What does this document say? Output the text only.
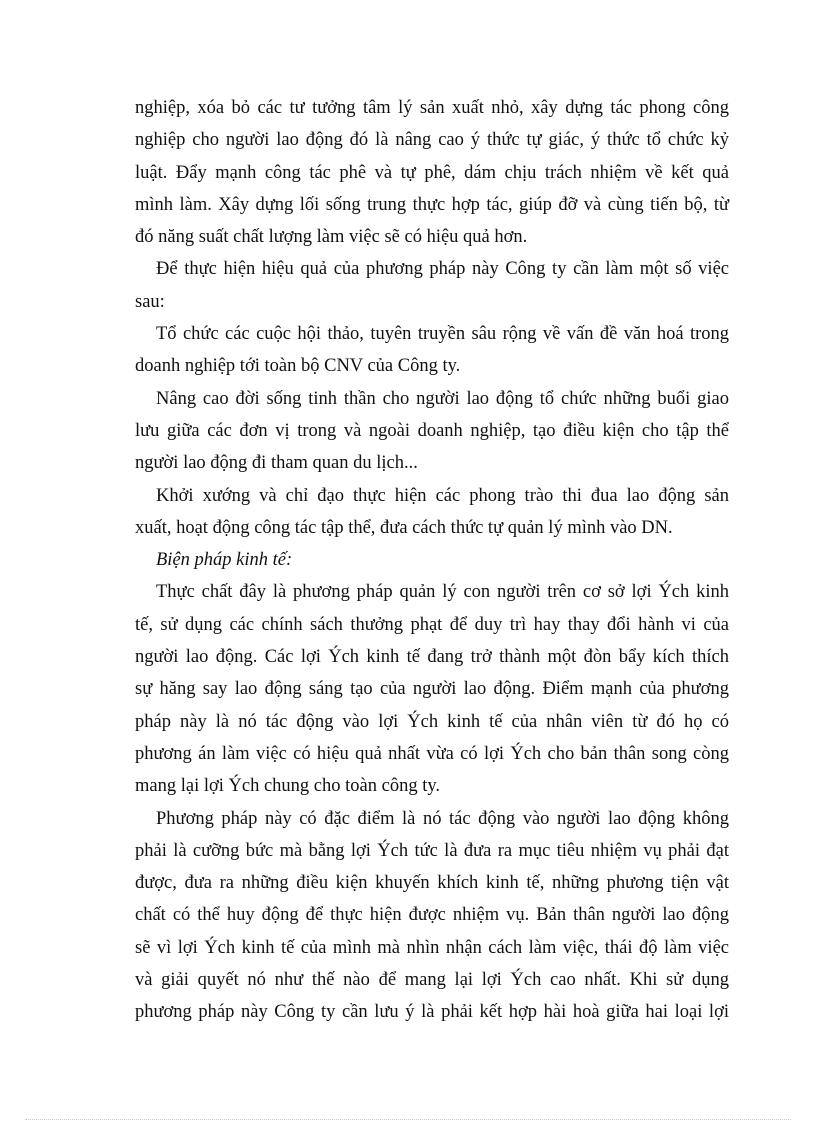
nghiệp, xóa bỏ các tư tưởng tâm lý sản xuất nhỏ, xây dựng tác phong công
nghiệp cho người lao động đó là nâng cao ý thức tự giác, ý thức tổ chức kỷ
luật. Đẩy mạnh công tác phê và tự phê, dám chịu trách nhiệm về kết quả
mình làm. Xây dựng lối sống trung thực hợp tác, giúp đỡ và cùng tiến bộ, từ
đó năng suất chất lượng làm việc sẽ có hiệu quả hơn.
Để thực hiện hiệu quả của phương pháp này Công ty cần làm một số việc
sau:
Tổ chức các cuộc hội thảo, tuyên truyền sâu rộng về vấn đề văn hoá trong
doanh nghiệp tới toàn bộ CNV của Công ty.
Nâng cao đời sống tinh thần cho người lao động tổ chức những buổi giao
lưu giữa các đơn vị trong và ngoài doanh nghiệp, tạo điều kiện cho tập thể
người lao động đi tham quan du lịch...
Khởi xướng và chỉ đạo thực hiện các phong trào thi đua lao động sản
xuất, hoạt động công tác tập thể, đưa cách thức tự quản lý mình vào DN.
Biện pháp kinh tế:
Thực chất đây là phương pháp quản lý con người trên cơ sở lợi Ých kinh
tế, sử dụng các chính sách thưởng phạt để duy trì hay thay đổi hành vi của
người lao động. Các lợi Ých kinh tế đang trở thành một đòn bẩy kích thích
sự hăng say lao động sáng tạo của người lao động. Điểm mạnh của phương
pháp này là nó tác động vào lợi Ých kinh tế của nhân viên từ đó họ có
phương án làm việc có hiệu quả nhất vừa có lợi Ých cho bản thân song còng
mang lại lợi Ých chung cho toàn công ty.
Phương pháp này có đặc điểm là nó tác động vào người lao động không
phải là cưỡng bức mà bằng lợi Ých tức là đưa ra mục tiêu nhiệm vụ phải đạt
được, đưa ra những điều kiện khuyến khích kinh tế, những phương tiện vật
chất có thể huy động để thực hiện được nhiệm vụ. Bản thân người lao động
sẽ vì lợi Ých kinh tế của mình mà nhìn nhận cách làm việc, thái độ làm việc
và giải quyết nó như thế nào để mang lại lợi Ých cao nhất. Khi sử dụng
phương pháp này Công ty cần lưu ý là phải kết hợp hài hoà giữa hai loại lợi
